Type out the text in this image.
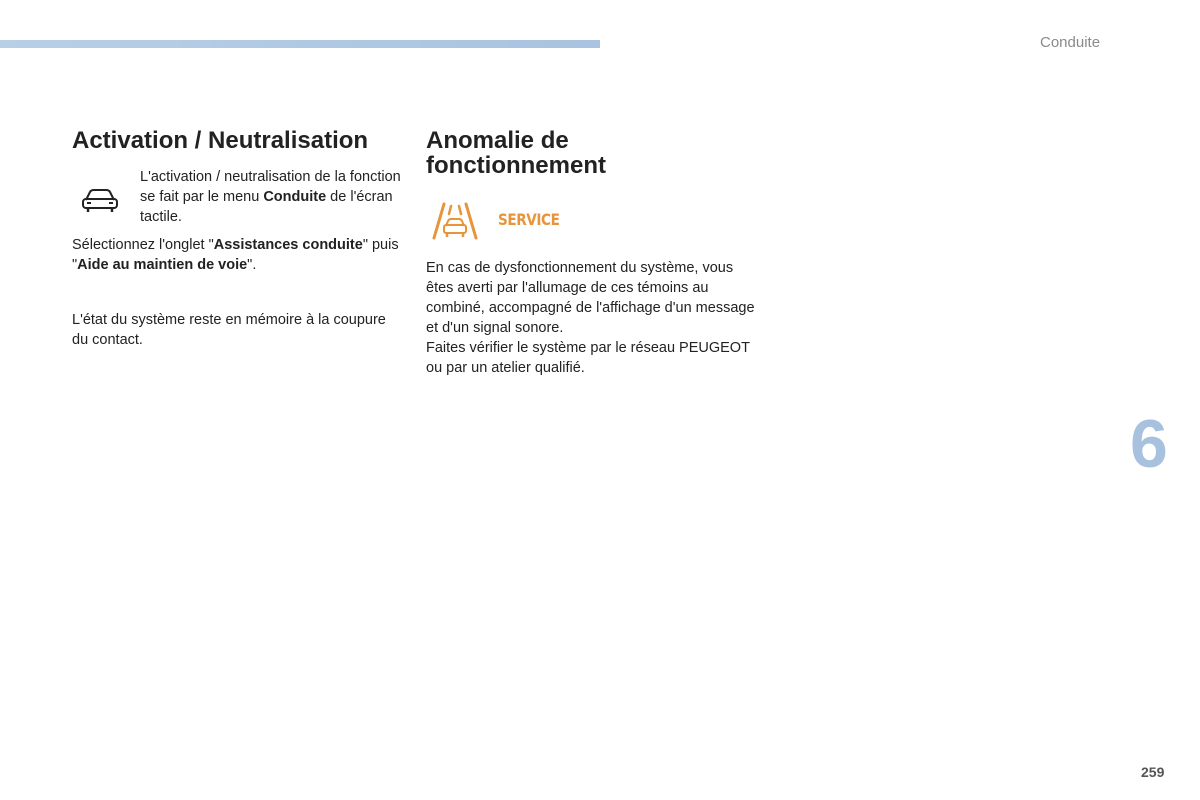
Conduite
Activation / Neutralisation

L'activation / neutralisation de la fonction se fait par le menu Conduite de l'écran tactile.

Sélectionnez l'onglet "Assistances conduite" puis "Aide au maintien de voie".

L'état du système reste en mémoire à la coupure du contact.

Anomalie de fonctionnement
SERVICE

En cas de dysfonctionnement du système, vous êtes averti par l'allumage de ces témoins au combiné, accompagné de l'affichage d'un message et d'un signal sonore.
Faites vérifier le système par le réseau PEUGEOT ou par un atelier qualifié.

6
259
